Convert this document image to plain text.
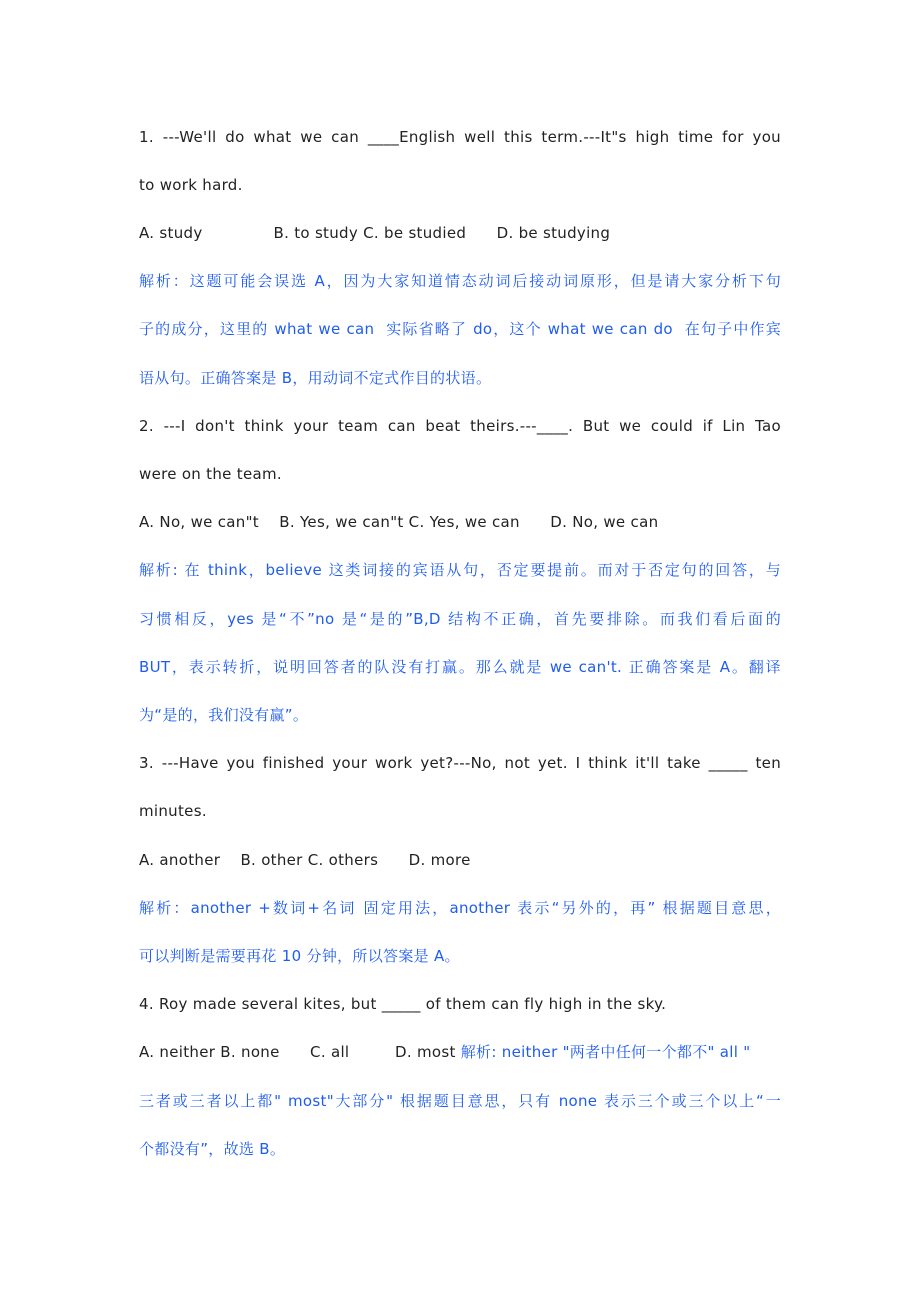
1. ---We'll do what we can ____English well this term.---It"s high time for you
to work hard.
A. study              B. to study C. be studied      D. be studying
解析：这题可能会误选 A，因为大家知道情态动词后接动词原形，但是请大家分析下句
子的成分，这里的 what we can  实际省略了 do，这个 what we can do  在句子中作宾
语从句。正确答案是 B，用动词不定式作目的状语。
2. ---I don't think your team can beat theirs.---____. But we could if Lin Tao
were on the team.
A. No, we can"t    B. Yes, we can"t C. Yes, we can      D. No, we can
解析: 在 think，believe 这类词接的宾语从句，否定要提前。而对于否定句的回答，与
习惯相反，yes 是“不”no 是“是的”B,D 结构不正确，首先要排除。而我们看后面的
BUT，表示转折，说明回答者的队没有打赢。那么就是 we can't. 正确答案是 A。翻译
为“是的，我们没有赢”。
3. ---Have you finished your work yet?---No, not yet. I think it'll take _____ ten
minutes.
A. another    B. other C. others      D. more
解析：another +数词+名词 固定用法，another 表示“另外的，再” 根据题目意思，
可以判断是需要再花 10 分钟，所以答案是 A。
4. Roy made several kites, but _____ of them can fly high in the sky.
A. neither B. none      C. all         D. most 解析: neither "两者中任何一个都不" all "
三者或三者以上都" most"大部分" 根据题目意思，只有 none 表示三个或三个以上“一
个都没有”，故选 B。
